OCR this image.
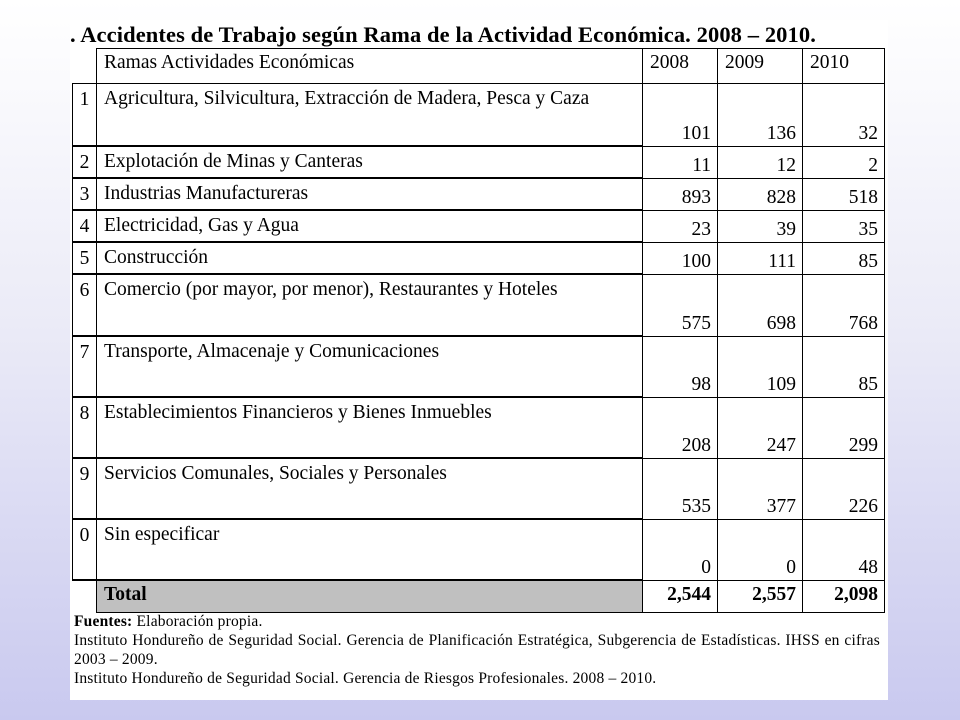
. Accidentes de Trabajo según Rama de la Actividad Económica. 2008 – 2010.
	Ramas Actividades Económicas	2008	2009	2010
1	Agricultura, Silvicultura, Extracción de Madera, Pesca y Caza	101	136	32
2	Explotación de Minas y Canteras	11	12	2
3	Industrias Manufactureras	893	828	518
4	Electricidad, Gas y Agua	23	39	35
5	Construcción	100	111	85
6	Comercio (por mayor, por menor), Restaurantes y Hoteles	575	698	768
7	Transporte, Almacenaje y Comunicaciones	98	109	85
8	Establecimientos Financieros y Bienes Inmuebles	208	247	299
9	Servicios Comunales, Sociales y Personales	535	377	226
0	Sin especificar	0	0	48
	Total	2,544	2,557	2,098

Fuentes: Elaboración propia.

Instituto Hondureño de Seguridad Social. Gerencia de Planificación Estratégica, Subgerencia de Estadísticas. IHSS en cifras 2003 – 2009.

Instituto Hondureño de Seguridad Social. Gerencia de Riesgos Profesionales. 2008 – 2010.
